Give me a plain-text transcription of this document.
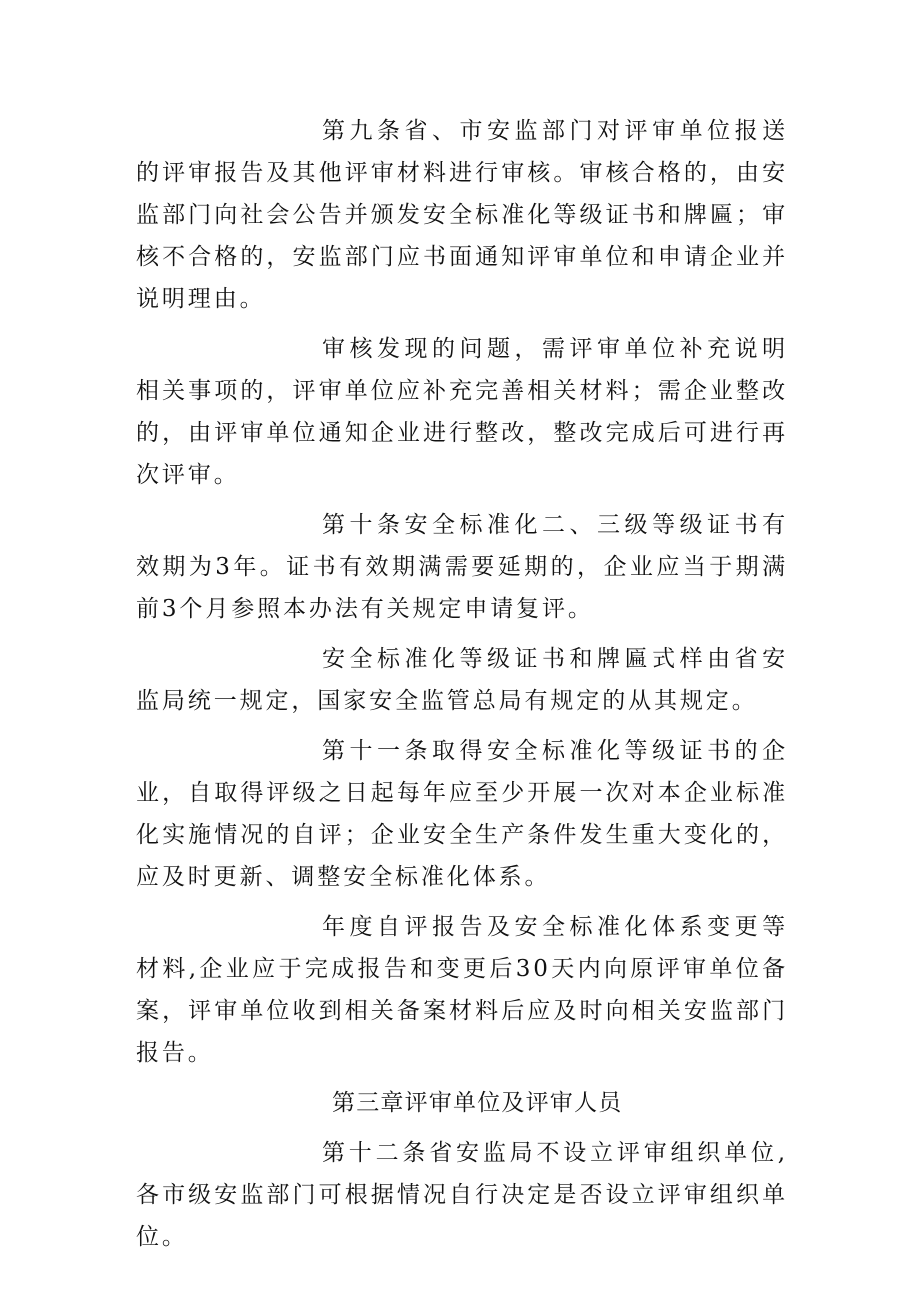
第九条省、市安监部门对评审单位报送的评审报告及其他评审材料进行审核。审核合格的，由安监部门向社会公告并颁发安全标准化等级证书和牌匾；审核不合格的，安监部门应书面通知评审单位和申请企业并说明理由。

审核发现的问题，需评审单位补充说明相关事项的，评审单位应补充完善相关材料；需企业整改的，由评审单位通知企业进行整改，整改完成后可进行再次评审。

第十条安全标准化二、三级等级证书有效期为3年。证书有效期满需要延期的，企业应当于期满前3个月参照本办法有关规定申请复评。

安全标准化等级证书和牌匾式样由省安监局统一规定，国家安全监管总局有规定的从其规定。

第十一条取得安全标准化等级证书的企业，自取得评级之日起每年应至少开展一次对本企业标准化实施情况的自评；企业安全生产条件发生重大变化的，应及时更新、调整安全标准化体系。

年度自评报告及安全标准化体系变更等材料,企业应于完成报告和变更后30天内向原评审单位备案，评审单位收到相关备案材料后应及时向相关安监部门报告。

第三章评审单位及评审人员

第十二条省安监局不设立评审组织单位,各市级安监部门可根据情况自行决定是否设立评审组织单位。
